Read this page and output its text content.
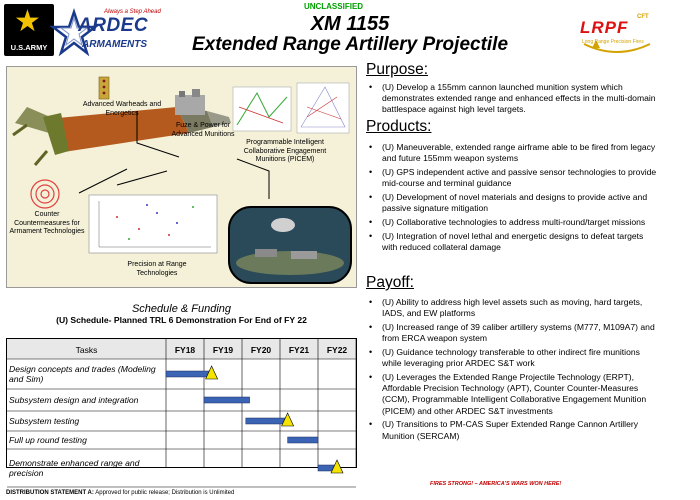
UNCLASSIFIED
★
U.S.ARMY
Always a Step Ahead
ARDEC
ARMAMENTS
XM 1155
Extended Range Artillery Projectile
LRPF
CFT
Long Range Precision Fires
Advanced Warheads and Energetics
Fuze & Power for Advanced Munitions
Programmable Intelligent Collaborative Engagement Munitions (PICEM)
Counter Countermeasures for Armament Technologies
Precision at Range Technologies
Purpose:
• (U) Develop a 155mm cannon launched munition system which demonstrates extended range and enhanced effects in the multi-domain battlespace against high level targets.
Products:
• (U) Maneuverable, extended range airframe able to be fired from legacy and future 155mm weapon systems
• (U) GPS independent active and passive sensor technologies to provide mid-course and terminal guidance
• (U) Development of novel materials and designs to provide active and passive signature mitigation
• (U) Collaborative technologies to address multi-round/target missions
• (U) Integration of novel lethal and energetic designs to defeat targets with reduced collateral damage
Payoff:
• (U) Ability to address high level assets such as moving, hard targets, IADS, and EW platforms
• (U) Increased range of 39 caliber artillery systems (M777, M109A7) and from ERCA weapon system
• (U) Guidance technology transferable to other indirect fire munitions while leveraging prior ARDEC S&T work
• (U) Leverages the Extended Range Projectile Technology (ERPT), Affordable Precision Technology (APT), Counter Counter-Measures (CCM), Programmable Intelligent Collaborative Engagement Munition (PICEM) and other ARDEC S&T investments
• (U) Transitions to PM-CAS Super Extended Range Cannon Artillery Munition (SERCAM)
Schedule & Funding
(U) Schedule- Planned TRL 6 Demonstration For End of FY 22
Tasks	FY18 FY19 FY20 FY21 FY22
Design concepts and trades (Modeling and Sim)
Subsystem design and integration
Subsystem testing
Full up round testing
Demonstrate enhanced range and precision
FIRES STRONG! – AMERICA'S WARS WON HERE!
DISTRIBUTION STATEMENT A: Approved for public release; Distribution is Unlimited
